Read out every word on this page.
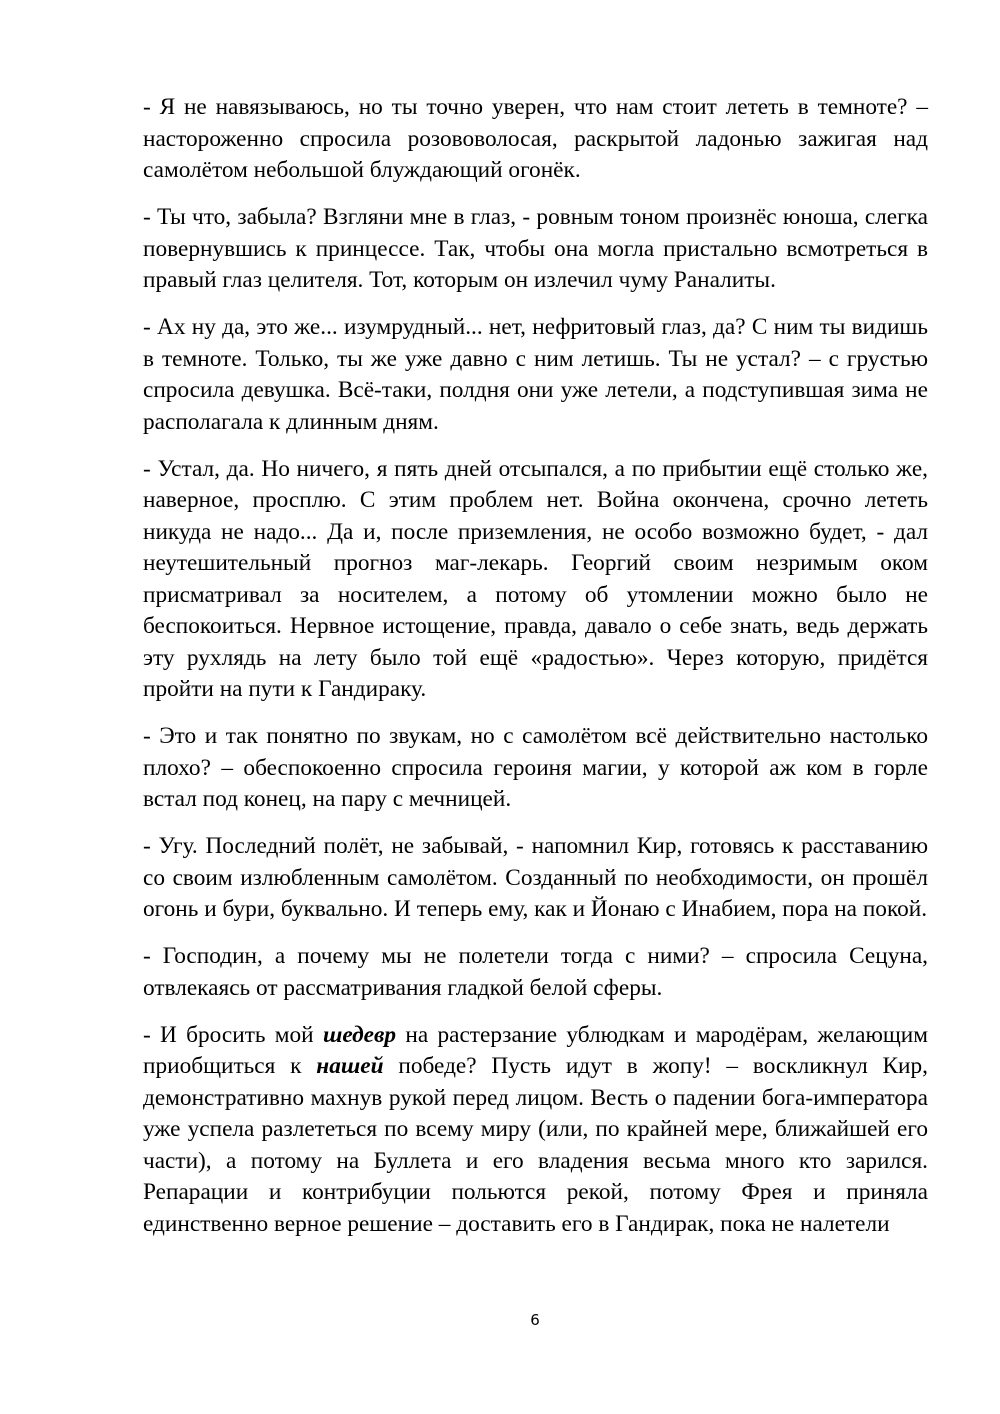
- Я не навязываюсь, но ты точно уверен, что нам стоит лететь в темноте? – настороженно спросила розововолосая, раскрытой ладонью зажигая над самолётом небольшой блуждающий огонёк.

- Ты что, забыла? Взгляни мне в глаз, - ровным тоном произнёс юноша, слегка повернувшись к принцессе. Так, чтобы она могла пристально всмотреться в правый глаз целителя. Тот, которым он излечил чуму Раналиты.

- Ах ну да, это же... изумрудный... нет, нефритовый глаз, да? С ним ты видишь в темноте. Только, ты же уже давно с ним летишь. Ты не устал? – с грустью спросила девушка. Всё-таки, полдня они уже летели, а подступившая зима не располагала к длинным дням.

- Устал, да. Но ничего, я пять дней отсыпался, а по прибытии ещё столько же, наверное, просплю. С этим проблем нет. Война окончена, срочно лететь никуда не надо... Да и, после приземления, не особо возможно будет, - дал неутешительный прогноз маг-лекарь. Георгий своим незримым оком присматривал за носителем, а потому об утомлении можно было не беспокоиться. Нервное истощение, правда, давало о себе знать, ведь держать эту рухлядь на лету было той ещё «радостью». Через которую, придётся пройти на пути к Гандираку.

- Это и так понятно по звукам, но с самолётом всё действительно настолько плохо? – обеспокоенно спросила героиня магии, у которой аж ком в горле встал под конец, на пару с мечницей.

- Угу. Последний полёт, не забывай, - напомнил Кир, готовясь к расставанию со своим излюбленным самолётом. Созданный по необходимости, он прошёл огонь и бури, буквально. И теперь ему, как и Йонаю с Инабием, пора на покой.

- Господин, а почему мы не полетели тогда с ними? – спросила Сецуна, отвлекаясь от рассматривания гладкой белой сферы.

- И бросить мой шедевр на растерзание ублюдкам и мародёрам, желающим приобщиться к нашей победе? Пусть идут в жопу! – воскликнул Кир, демонстративно махнув рукой перед лицом. Весть о падении бога-императора уже успела разлететься по всему миру (или, по крайней мере, ближайшей его части), а потому на Буллета и его владения весьма много кто зарился. Репарации и контрибуции польются рекой, потому Фрея и приняла единственно верное решение – доставить его в Гандирак, пока не налетели

6
